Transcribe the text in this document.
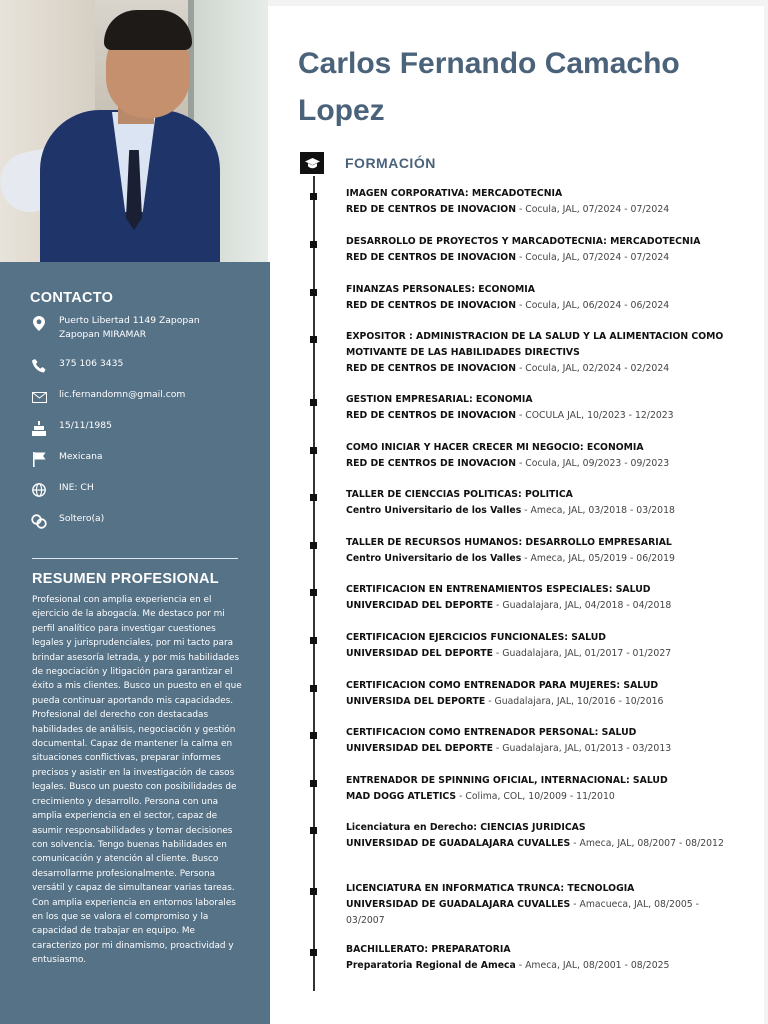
CONTACTO
Puerto Libertad 1149 Zapopan Zapopan MIRAMAR
375 106 3435
lic.fernandomn@gmail.com
15/11/1985
Mexicana
INE: CH
Soltero(a)
RESUMEN PROFESIONAL
Profesional con amplia experiencia en el ejercicio de la abogacía. Me destaco por mi perfil analítico para investigar cuestiones legales y jurisprudenciales, por mi tacto para brindar asesoría letrada, y por mis habilidades de negociación y litigación para garantizar el éxito a mis clientes. Busco un puesto en el que pueda continuar aportando mis capacidades. Profesional del derecho con destacadas habilidades de análisis, negociación y gestión documental. Capaz de mantener la calma en situaciones conflictivas, preparar informes precisos y asistir en la investigación de casos legales. Busco un puesto con posibilidades de crecimiento y desarrollo. Persona con una amplia experiencia en el sector, capaz de asumir responsabilidades y tomar decisiones con solvencia. Tengo buenas habilidades en comunicación y atención al cliente. Busco desarrollarme profesionalmente. Persona versátil y capaz de simultanear varias tareas. Con amplia experiencia en entornos laborales en los que se valora el compromiso y la capacidad de trabajar en equipo. Me caracterizo por mi dinamismo, proactividad y entusiasmo.
Carlos Fernando Camacho Lopez
FORMACIÓN
IMAGEN CORPORATIVA: MERCADOTECNIA
RED DE CENTROS DE INOVACION - Cocula, JAL, 07/2024 - 07/2024
DESARROLLO DE PROYECTOS Y MARCADOTECNIA: MERCADOTECNIA
RED DE CENTROS DE INOVACION - Cocula, JAL, 07/2024 - 07/2024
FINANZAS PERSONALES: ECONOMIA
RED DE CENTROS DE INOVACION - Cocula, JAL, 06/2024 - 06/2024
EXPOSITOR : ADMINISTRACION DE LA SALUD Y LA ALIMENTACION COMO MOTIVANTE DE LAS HABILIDADES DIRECTIVS
RED DE CENTROS DE INOVACION - Cocula, JAL, 02/2024 - 02/2024
GESTION EMPRESARIAL: ECONOMIA
RED DE CENTROS DE INOVACION - COCULA JAL, 10/2023 - 12/2023
COMO INICIAR Y HACER CRECER MI NEGOCIO: ECONOMIA
RED DE CENTROS DE INOVACION - Cocula, JAL, 09/2023 - 09/2023
TALLER DE CIENCCIAS POLITICAS: POLITICA
Centro Universitario de los Valles - Ameca, JAL, 03/2018 - 03/2018
TALLER DE RECURSOS HUMANOS: DESARROLLO EMPRESARIAL
Centro Universitario de los Valles - Ameca, JAL, 05/2019 - 06/2019
CERTIFICACION EN ENTRENAMIENTOS ESPECIALES: SALUD
UNIVERCIDAD DEL DEPORTE - Guadalajara, JAL, 04/2018 - 04/2018
CERTIFICACION EJERCICIOS FUNCIONALES: SALUD
UNIVERSIDAD DEL DEPORTE - Guadalajara, JAL, 01/2017 - 01/2027
CERTIFICACION COMO ENTRENADOR PARA MUJERES: SALUD
UNIVERSIDA DEL DEPORTE - Guadalajara, JAL, 10/2016 - 10/2016
CERTIFICACION COMO ENTRENADOR PERSONAL: SALUD
UNIVERSIDAD DEL DEPORTE - Guadalajara, JAL, 01/2013 - 03/2013
ENTRENADOR DE SPINNING OFICIAL, INTERNACIONAL: SALUD
MAD DOGG ATLETICS - Colima, COL, 10/2009 - 11/2010
Licenciatura en Derecho: CIENCIAS JURIDICAS
UNIVERSIDAD DE GUADALAJARA CUVALLES - Ameca, JAL, 08/2007 - 08/2012
LICENCIATURA EN INFORMATICA TRUNCA: TECNOLOGIA
UNIVERSIDAD DE GUADALAJARA CUVALLES - Amacueca, JAL, 08/2005 - 03/2007
BACHILLERATO: PREPARATORIA
Preparatoria Regional de Ameca - Ameca, JAL, 08/2001 - 08/2025
